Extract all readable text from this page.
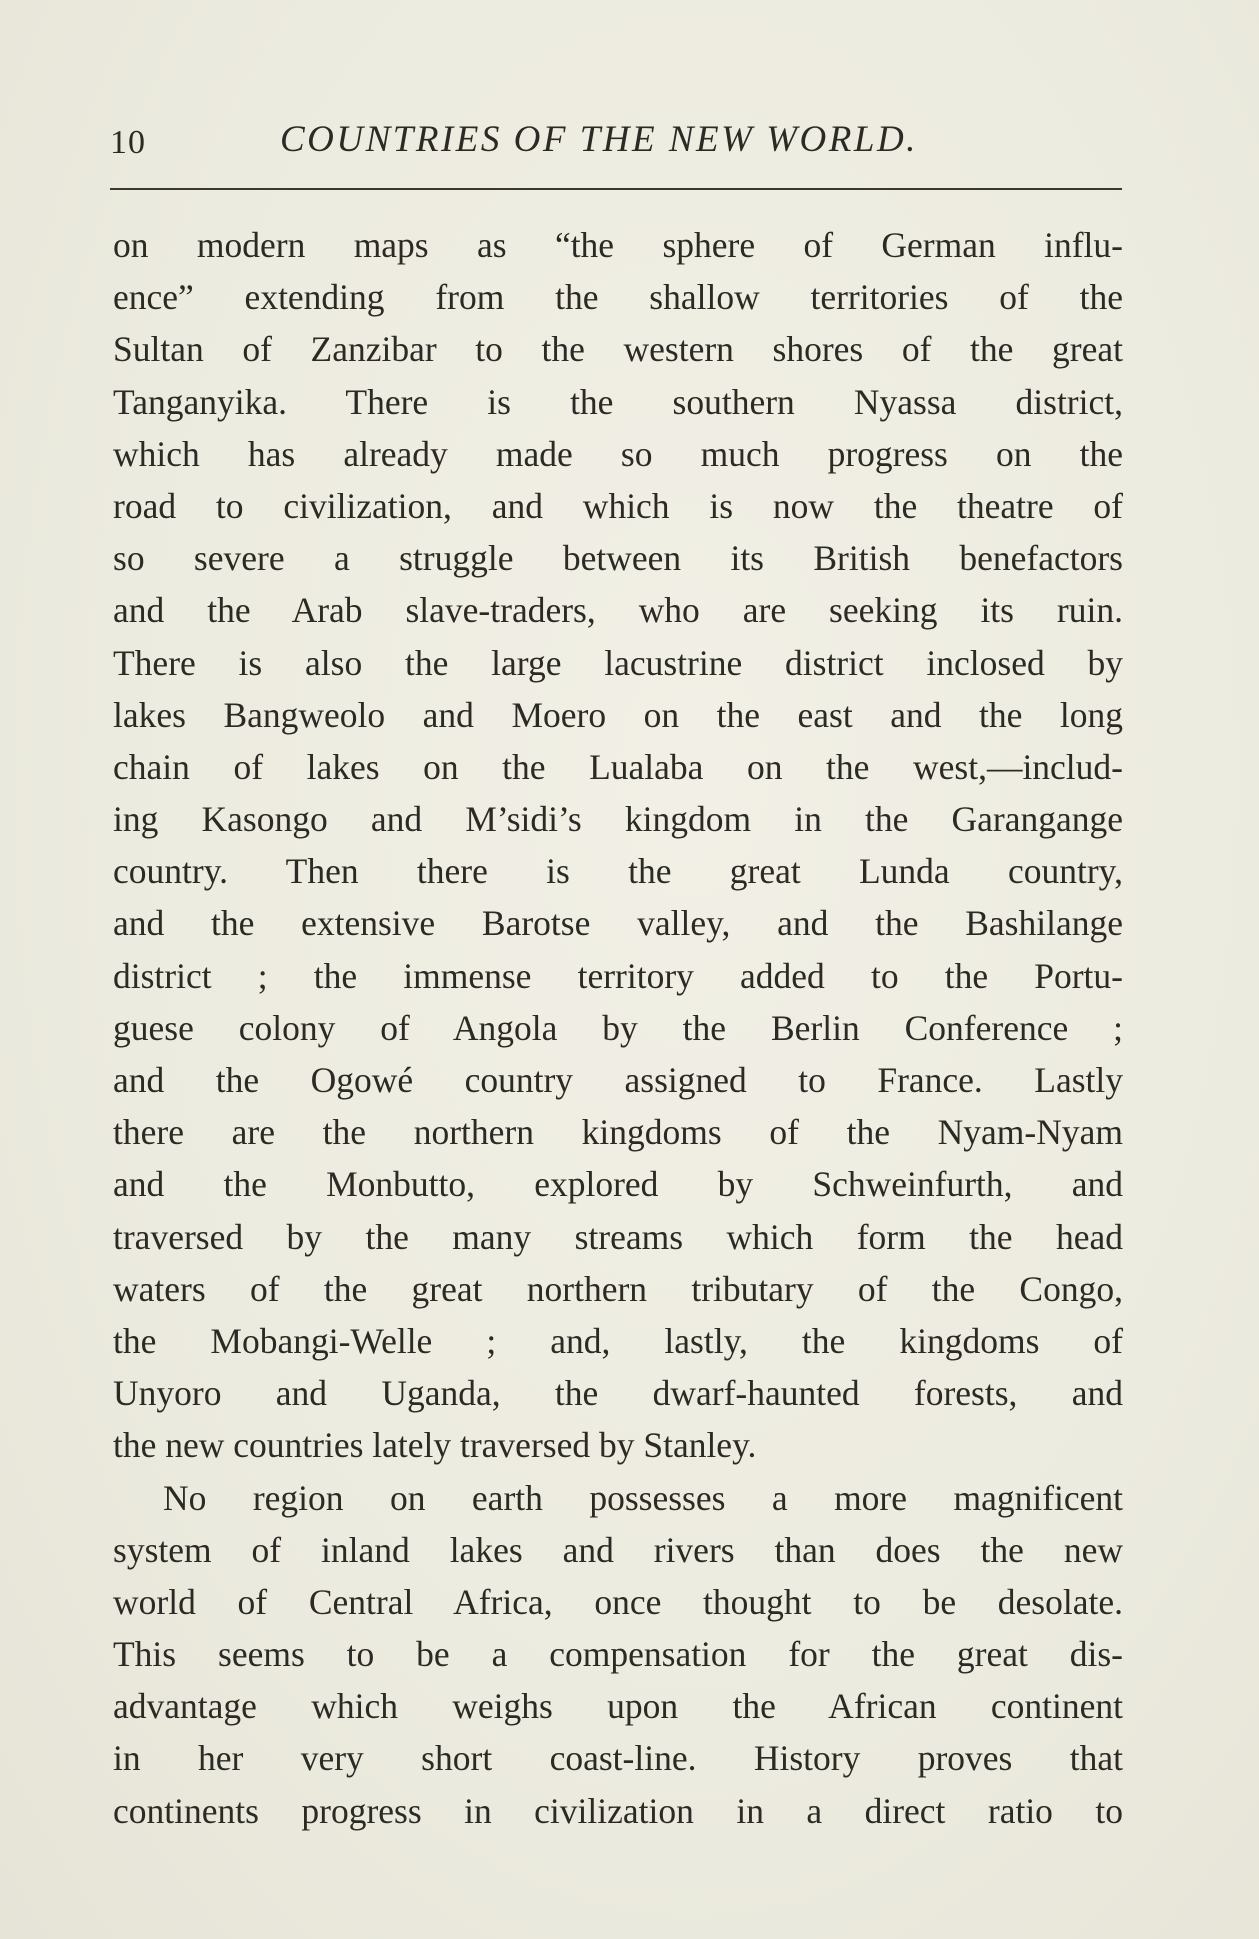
10	COUNTRIES OF THE NEW WORLD.
on modern maps as “the sphere of German influ-
ence” extending from the shallow territories of the
Sultan of Zanzibar to the western shores of the great
Tanganyika. There is the southern Nyassa district,
which has already made so much progress on the
road to civilization, and which is now the theatre of
so severe a struggle between its British benefactors
and the Arab slave-traders, who are seeking its ruin.
There is also the large lacustrine district inclosed by
lakes Bangweolo and Moero on the east and the long
chain of lakes on the Lualaba on the west,—includ-
ing Kasongo and M’sidi’s kingdom in the Garangange
country. Then there is the great Lunda country,
and the extensive Barotse valley, and the Bashilange
district ; the immense territory added to the Portu-
guese colony of Angola by the Berlin Conference ;
and the Ogowé country assigned to France. Lastly
there are the northern kingdoms of the Nyam-Nyam
and the Monbutto, explored by Schweinfurth, and
traversed by the many streams which form the head
waters of the great northern tributary of the Congo,
the Mobangi-Welle ; and, lastly, the kingdoms of
Unyoro and Uganda, the dwarf-haunted forests, and
the new countries lately traversed by Stanley.
No region on earth possesses a more magnificent
system of inland lakes and rivers than does the new
world of Central Africa, once thought to be desolate.
This seems to be a compensation for the great dis-
advantage which weighs upon the African continent
in her very short coast-line. History proves that
continents progress in civilization in a direct ratio to
